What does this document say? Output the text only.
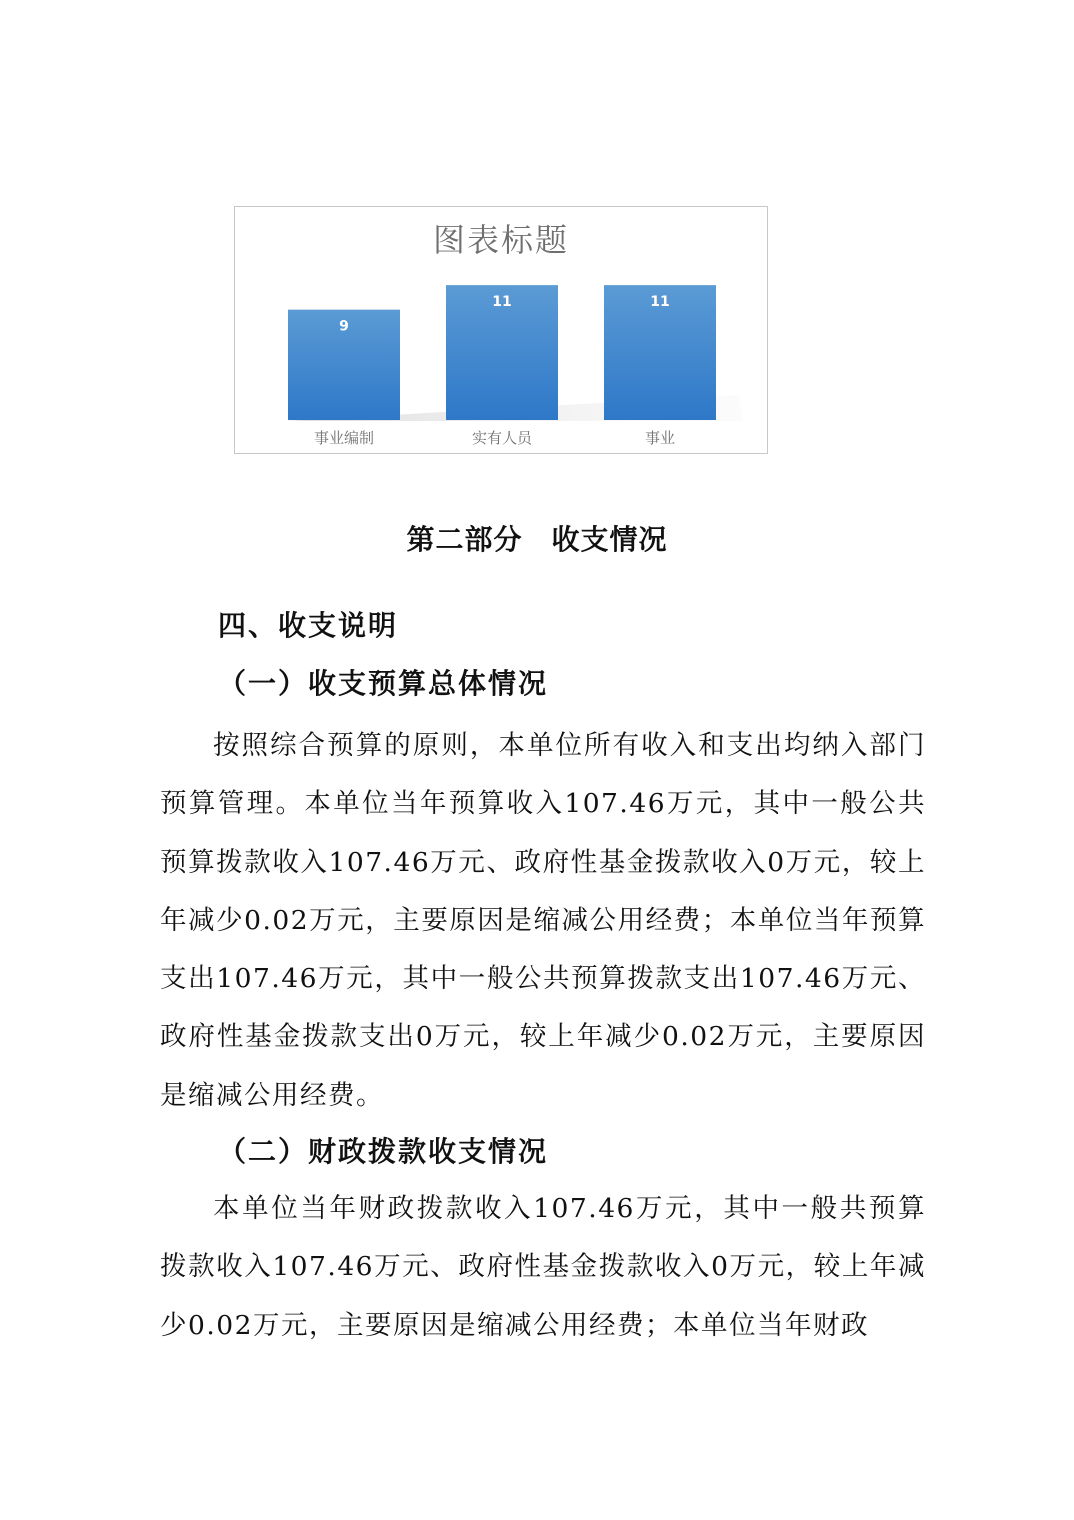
图表标题
9
事业编制
11
实有人员
11
事业
第二部分　收支情况
四、收支说明
（一）收支预算总体情况
按照综合预算的原则，本单位所有收入和支出均纳入部门预算管理。本单位当年预算收入107.46万元，其中一般公共预算拨款收入107.46万元、政府性基金拨款收入0万元，较上年减少0.02万元，主要原因是缩减公用经费；本单位当年预算支出107.46万元，其中一般公共预算拨款支出107.46万元、政府性基金拨款支出0万元，较上年减少0.02万元，主要原因是缩减公用经费。
（二）财政拨款收支情况
本单位当年财政拨款收入107.46万元，其中一般共预算拨款收入107.46万元、政府性基金拨款收入0万元，较上年减少0.02万元，主要原因是缩减公用经费；本单位当年财政
